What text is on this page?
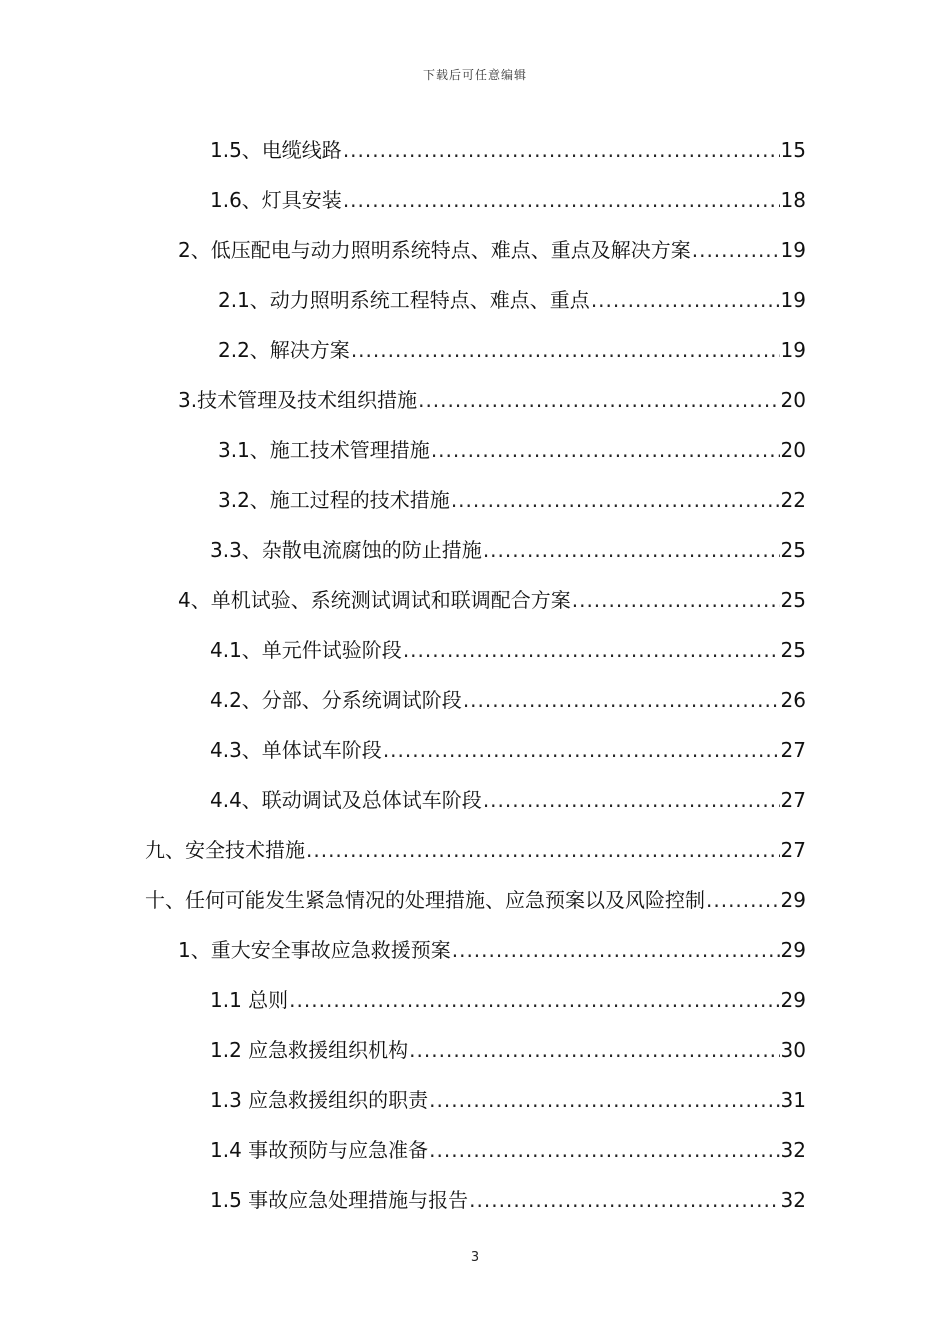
下载后可任意编辑
1.5、电缆线路 .....	15
1.6、灯具安装 .....	18
2、低压配电与动力照明系统特点、难点、重点及解决方案 .....	19
2.1、动力照明系统工程特点、难点、重点 .....	19
2.2、解决方案 .....	19
3.技术管理及技术组织措施 .....	20
3.1、施工技术管理措施 .....	20
3.2、施工过程的技术措施 .....	22
3.3、杂散电流腐蚀的防止措施 .....	25
4、单机试验、系统测试调试和联调配合方案 .....	25
4.1、单元件试验阶段 .....	25
4.2、分部、分系统调试阶段 .....	26
4.3、单体试车阶段 .....	27
4.4、联动调试及总体试车阶段 .....	27
九、安全技术措施 .....	27
十、任何可能发生紧急情况的处理措施、应急预案以及风险控制 .....	29
1、重大安全事故应急救援预案 .....	29
1.1 总则 .....	29
1.2 应急救援组织机构 .....	30
1.3 应急救援组织的职责 .....	31
1.4 事故预防与应急准备 .....	32
1.5 事故应急处理措施与报告 .....	32
3
